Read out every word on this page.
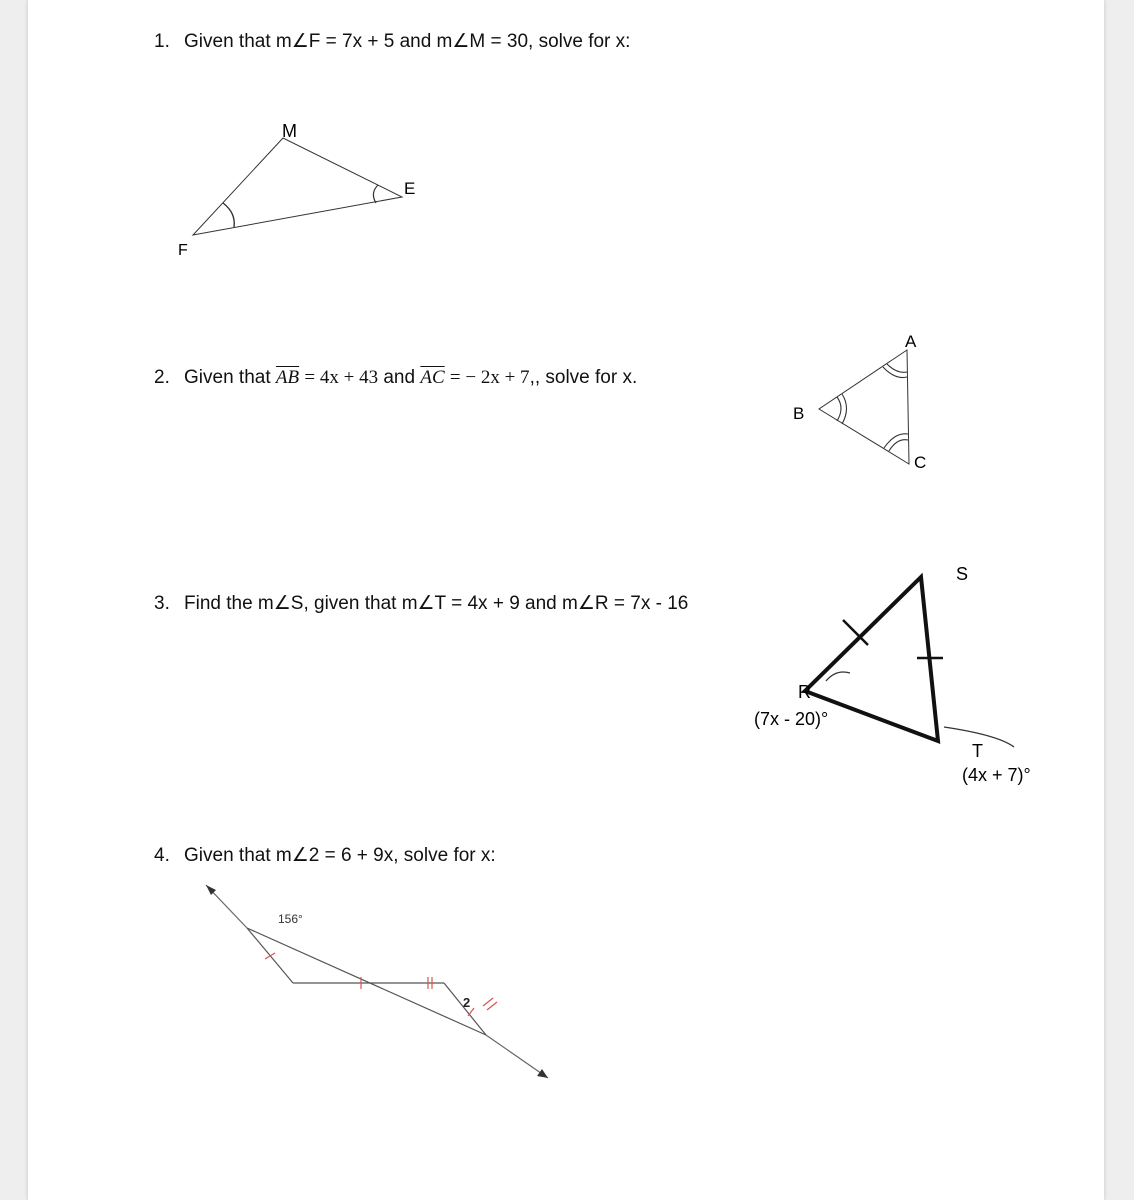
1. Given that m∠F = 7x + 5 and m∠M = 30, solve for x:
M
E
F
2. Given that $\overline{AB} = 4x + 43$ and $\overline{AC}$ = − 2x + 7,, solve for x.
A
B
C
3. Find the m∠S, given that m∠T = 4x + 9 and m∠R = 7x - 16
S
R
(7x - 20)°
T
(4x + 7)°
4. Given that m∠2 = 6 + 9x, solve for x:
156°
2
